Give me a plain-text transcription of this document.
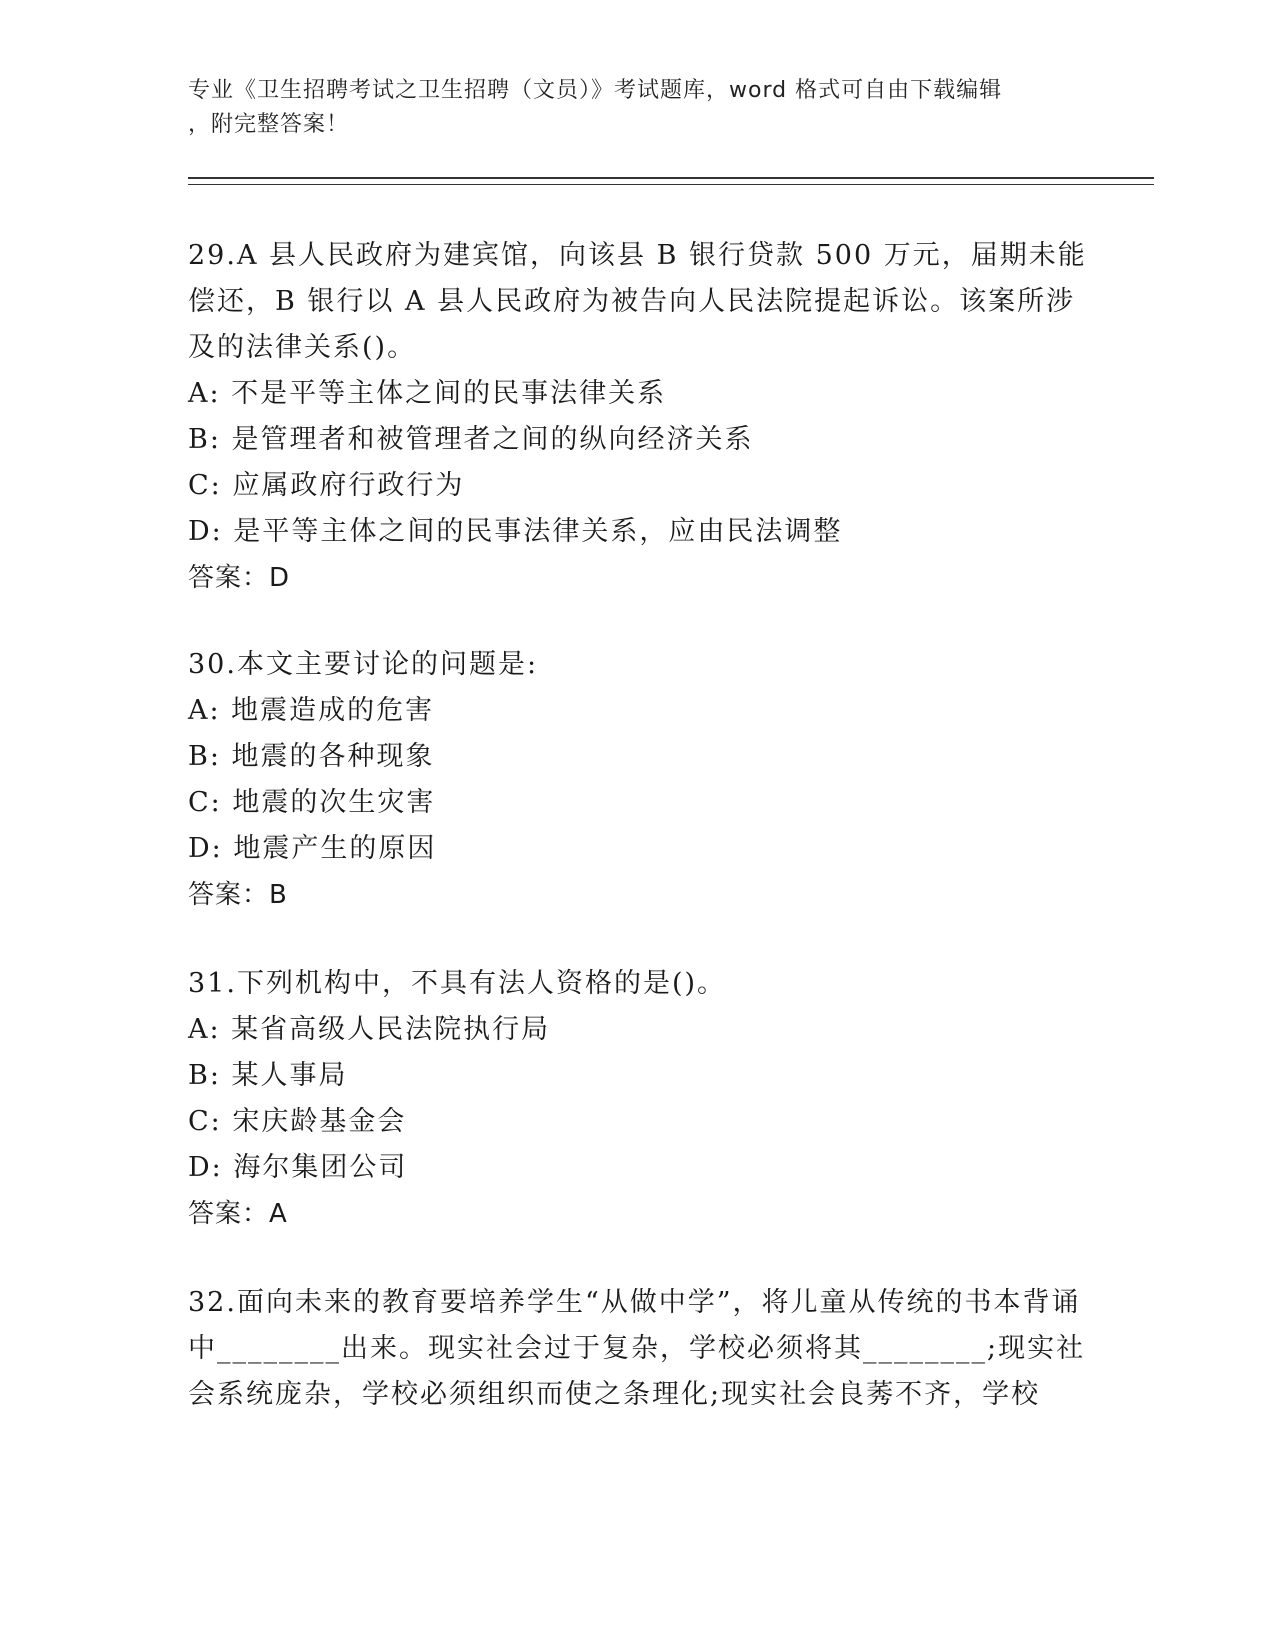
专业《卫生招聘考试之卫生招聘（文员）》考试题库，word 格式可自由下载编辑
，附完整答案！
29.A 县人民政府为建宾馆，向该县 B 银行贷款 500 万元，届期未能偿还，B 银行以 A 县人民政府为被告向人民法院提起诉讼。该案所涉及的法律关系()。
A: 不是平等主体之间的民事法律关系
B: 是管理者和被管理者之间的纵向经济关系
C: 应属政府行政行为
D: 是平等主体之间的民事法律关系，应由民法调整
答案：D
30.本文主要讨论的问题是:
A: 地震造成的危害
B: 地震的各种现象
C: 地震的次生灾害
D: 地震产生的原因
答案：B
31.下列机构中，不具有法人资格的是()。
A: 某省高级人民法院执行局
B: 某人事局
C: 宋庆龄基金会
D: 海尔集团公司
答案：A
32.面向未来的教育要培养学生“从做中学”，将儿童从传统的书本背诵中________出来。现实社会过于复杂，学校必须将其________;现实社会系统庞杂，学校必须组织而使之条理化;现实社会良莠不齐，学校
